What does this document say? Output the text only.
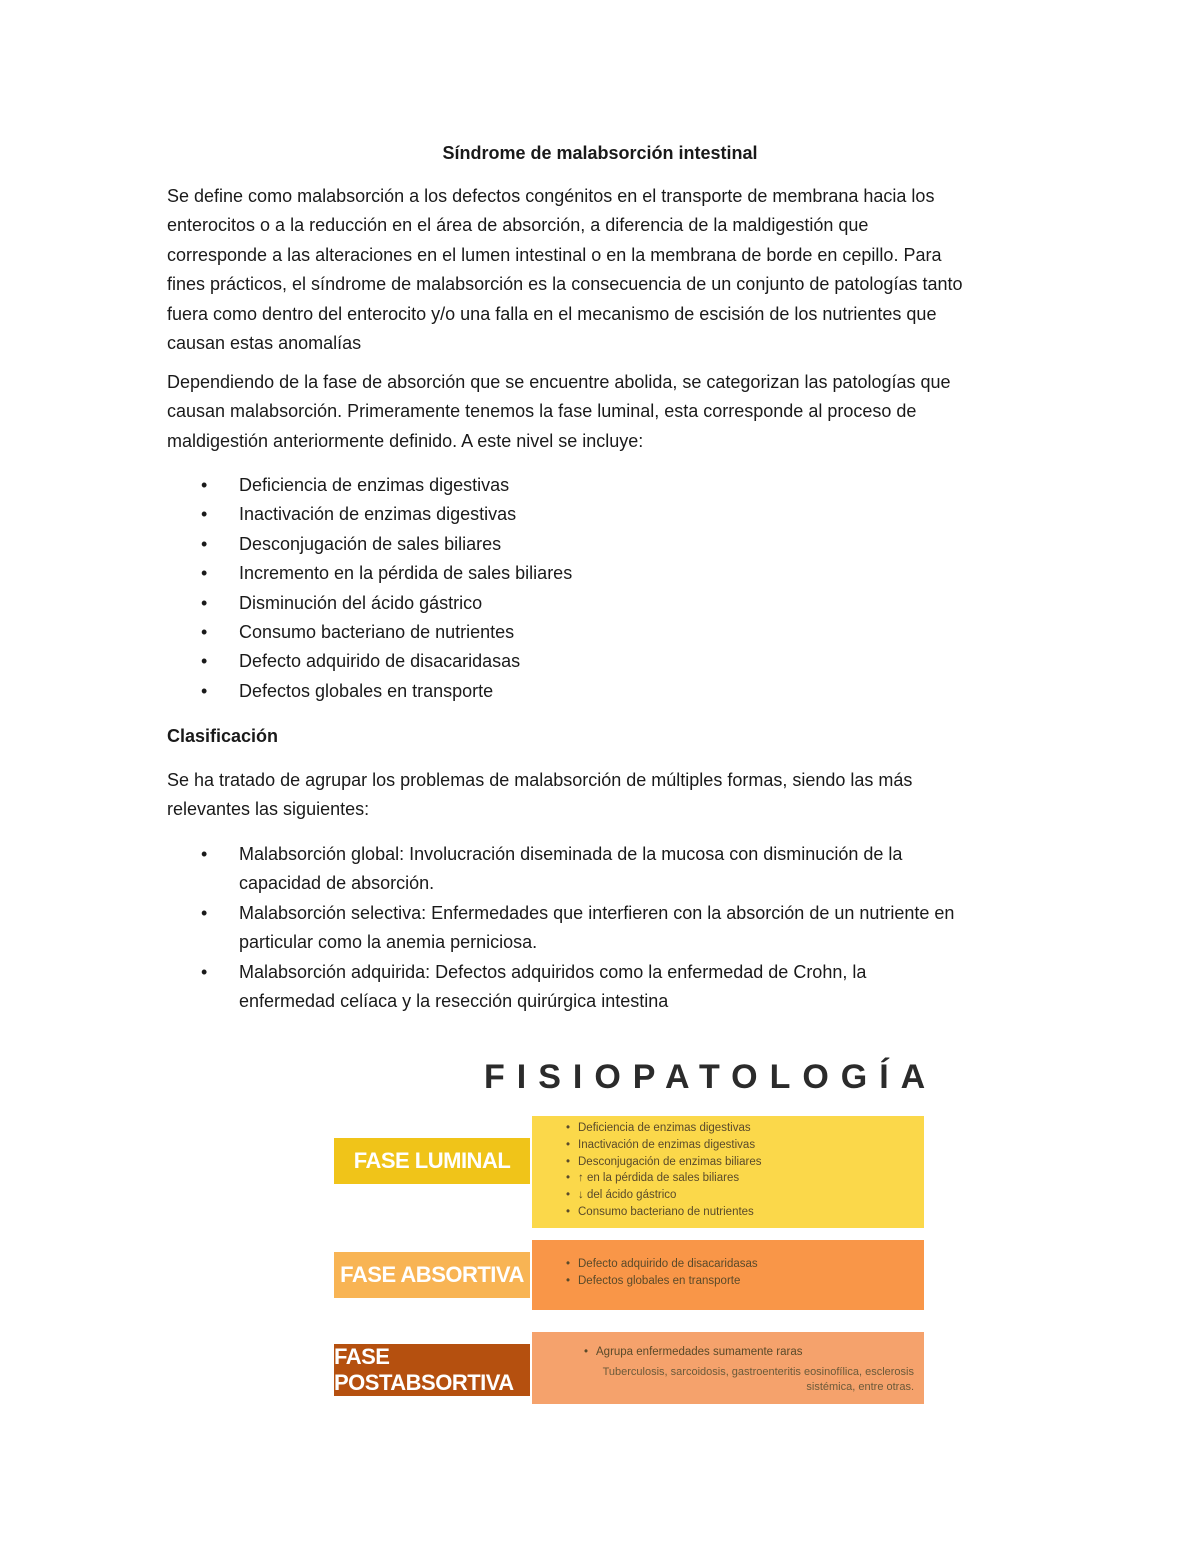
Síndrome de malabsorción intestinal
Se define como malabsorción a los defectos congénitos en el transporte de membrana hacia los
enterocitos o a la reducción en el área de absorción, a diferencia de la maldigestión que
corresponde a las alteraciones en el lumen intestinal o en la membrana de borde en cepillo. Para
fines prácticos, el síndrome de malabsorción es la consecuencia de un conjunto de patologías tanto
fuera como dentro del enterocito y/o una falla en el mecanismo de escisión de los nutrientes que
causan estas anomalías
Dependiendo de la fase de absorción que se encuentre abolida, se categorizan las patologías que
causan malabsorción. Primeramente tenemos la fase luminal, esta corresponde al proceso de
maldigestión anteriormente definido. A este nivel se incluye:
• Deficiencia de enzimas digestivas
• Inactivación de enzimas digestivas
• Desconjugación de sales biliares
• Incremento en la pérdida de sales biliares
• Disminución del ácido gástrico
• Consumo bacteriano de nutrientes
• Defecto adquirido de disacaridasas
• Defectos globales en transporte
Clasificación
Se ha tratado de agrupar los problemas de malabsorción de múltiples formas, siendo las más
relevantes las siguientes:
• Malabsorción global: Involucración diseminada de la mucosa con disminución de la
capacidad de absorción.
• Malabsorción selectiva: Enfermedades que interfieren con la absorción de un nutriente en
particular como la anemia perniciosa.
• Malabsorción adquirida: Defectos adquiridos como la enfermedad de Crohn, la
enfermedad celíaca y la resección quirúrgica intestina
FISIOPATOLOGÍA
FASE LUMINAL
• Deficiencia de enzimas digestivas
• Inactivación de enzimas digestivas
• Desconjugación de enzimas biliares
• ↑ en la pérdida de sales biliares
• ↓ del ácido gástrico
• Consumo bacteriano de nutrientes
FASE ABSORTIVA	• Defecto adquirido de disacaridasas
• Defectos globales en transporte
FASE POSTABSORTIVA
• Agrupa enfermedades sumamente raras
Tuberculosis, sarcoidosis, gastroenteritis eosinofílica, esclerosis
sistémica, entre otras.
